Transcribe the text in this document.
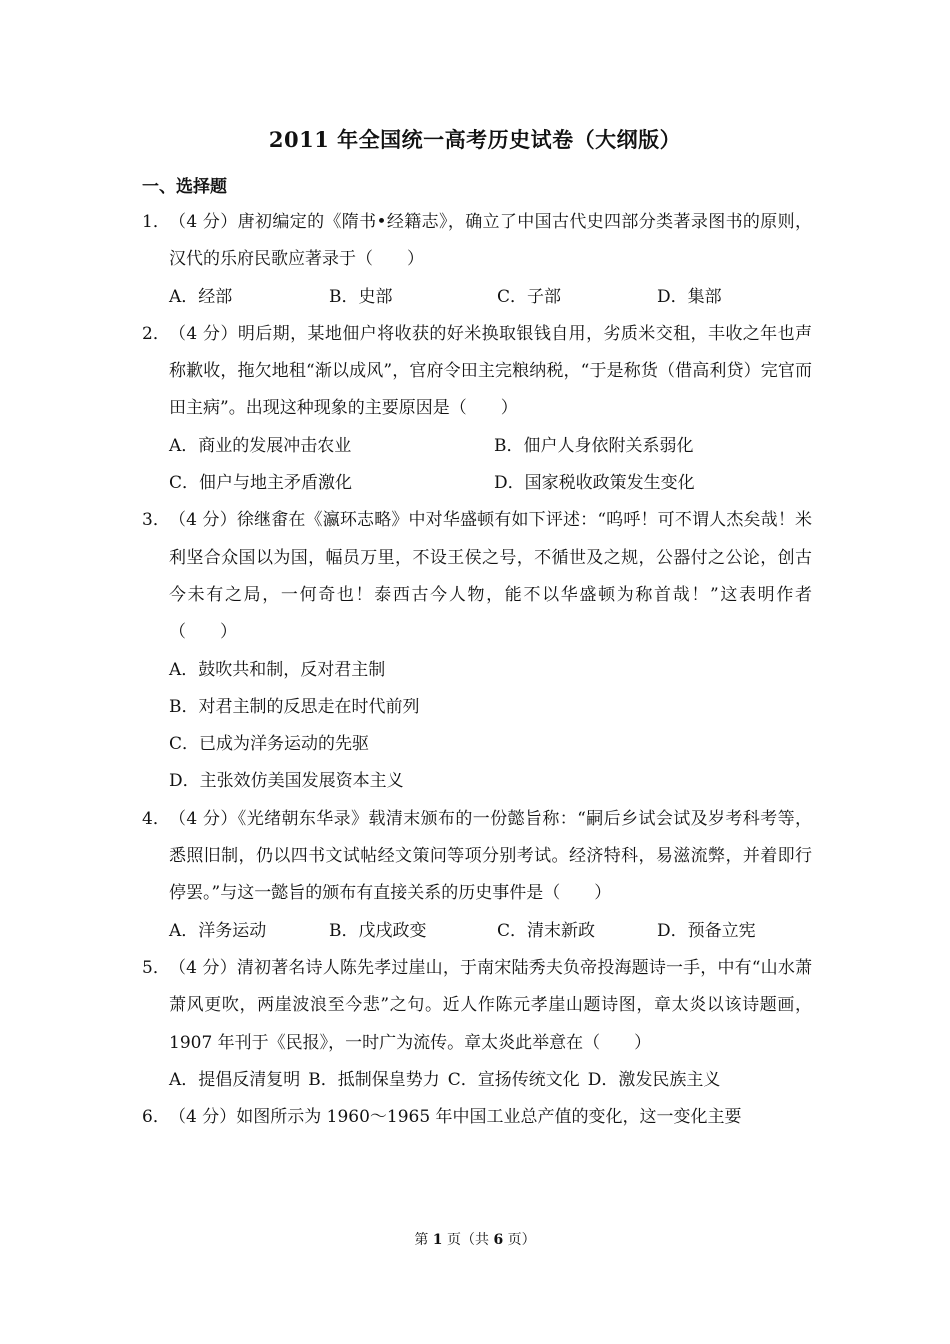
2011 年全国统一高考历史试卷（大纲版）
一、选择题
1． （4 分）唐初编定的《隋书•经籍志》，确立了中国古代史四部分类著录图书的原则，汉代的乐府民歌应著录于（　　）
A．经部	B．史部	C．子部	D．集部
2． （4 分）明后期，某地佃户将收获的好米换取银钱自用，劣质米交租，丰收之年也声称歉收，拖欠地租“渐以成风”，官府令田主完粮纳税，“于是称货（借高利贷）完官而田主病”。出现这种现象的主要原因是（　　）
A．商业的发展冲击农业	B．佃户人身依附关系弱化
C．佃户与地主矛盾激化	D．国家税收政策发生变化
3． （4 分）徐继畬在《瀛环志略》中对华盛顿有如下评述：“呜呼！可不谓人杰矣哉！米利坚合众国以为国，幅员万里，不设王侯之号，不循世及之规，公器付之公论，创古今未有之局，一何奇也！泰西古今人物，能不以华盛顿为称首哉！”这表明作者（　　）
A．鼓吹共和制，反对君主制
B．对君主制的反思走在时代前列
C．已成为洋务运动的先驱
D．主张效仿美国发展资本主义
4． （4 分）《光绪朝东华录》载清末颁布的一份懿旨称：“嗣后乡试会试及岁考科考等，悉照旧制，仍以四书文试帖经文策问等项分别考试。经济特科，易滋流弊，并着即行停罢。”与这一懿旨的颁布有直接关系的历史事件是（　　）
A．洋务运动	B．戊戌政变	C．清末新政	D．预备立宪
5． （4 分）清初著名诗人陈先孝过崖山，于南宋陆秀夫负帝投海题诗一手，中有“山水萧萧风更吹，两崖波浪至今悲”之句。近人作陈元孝崖山题诗图，章太炎以该诗题画，1907 年刊于《民报》，一时广为流传。章太炎此举意在（　　）
A．提倡反清复明 B．抵制保皇势力 C．宣扬传统文化 D．激发民族主义
6． （4 分）如图所示为 1960～1965 年中国工业总产值的变化，这一变化主要
第 1 页（共 6 页）
